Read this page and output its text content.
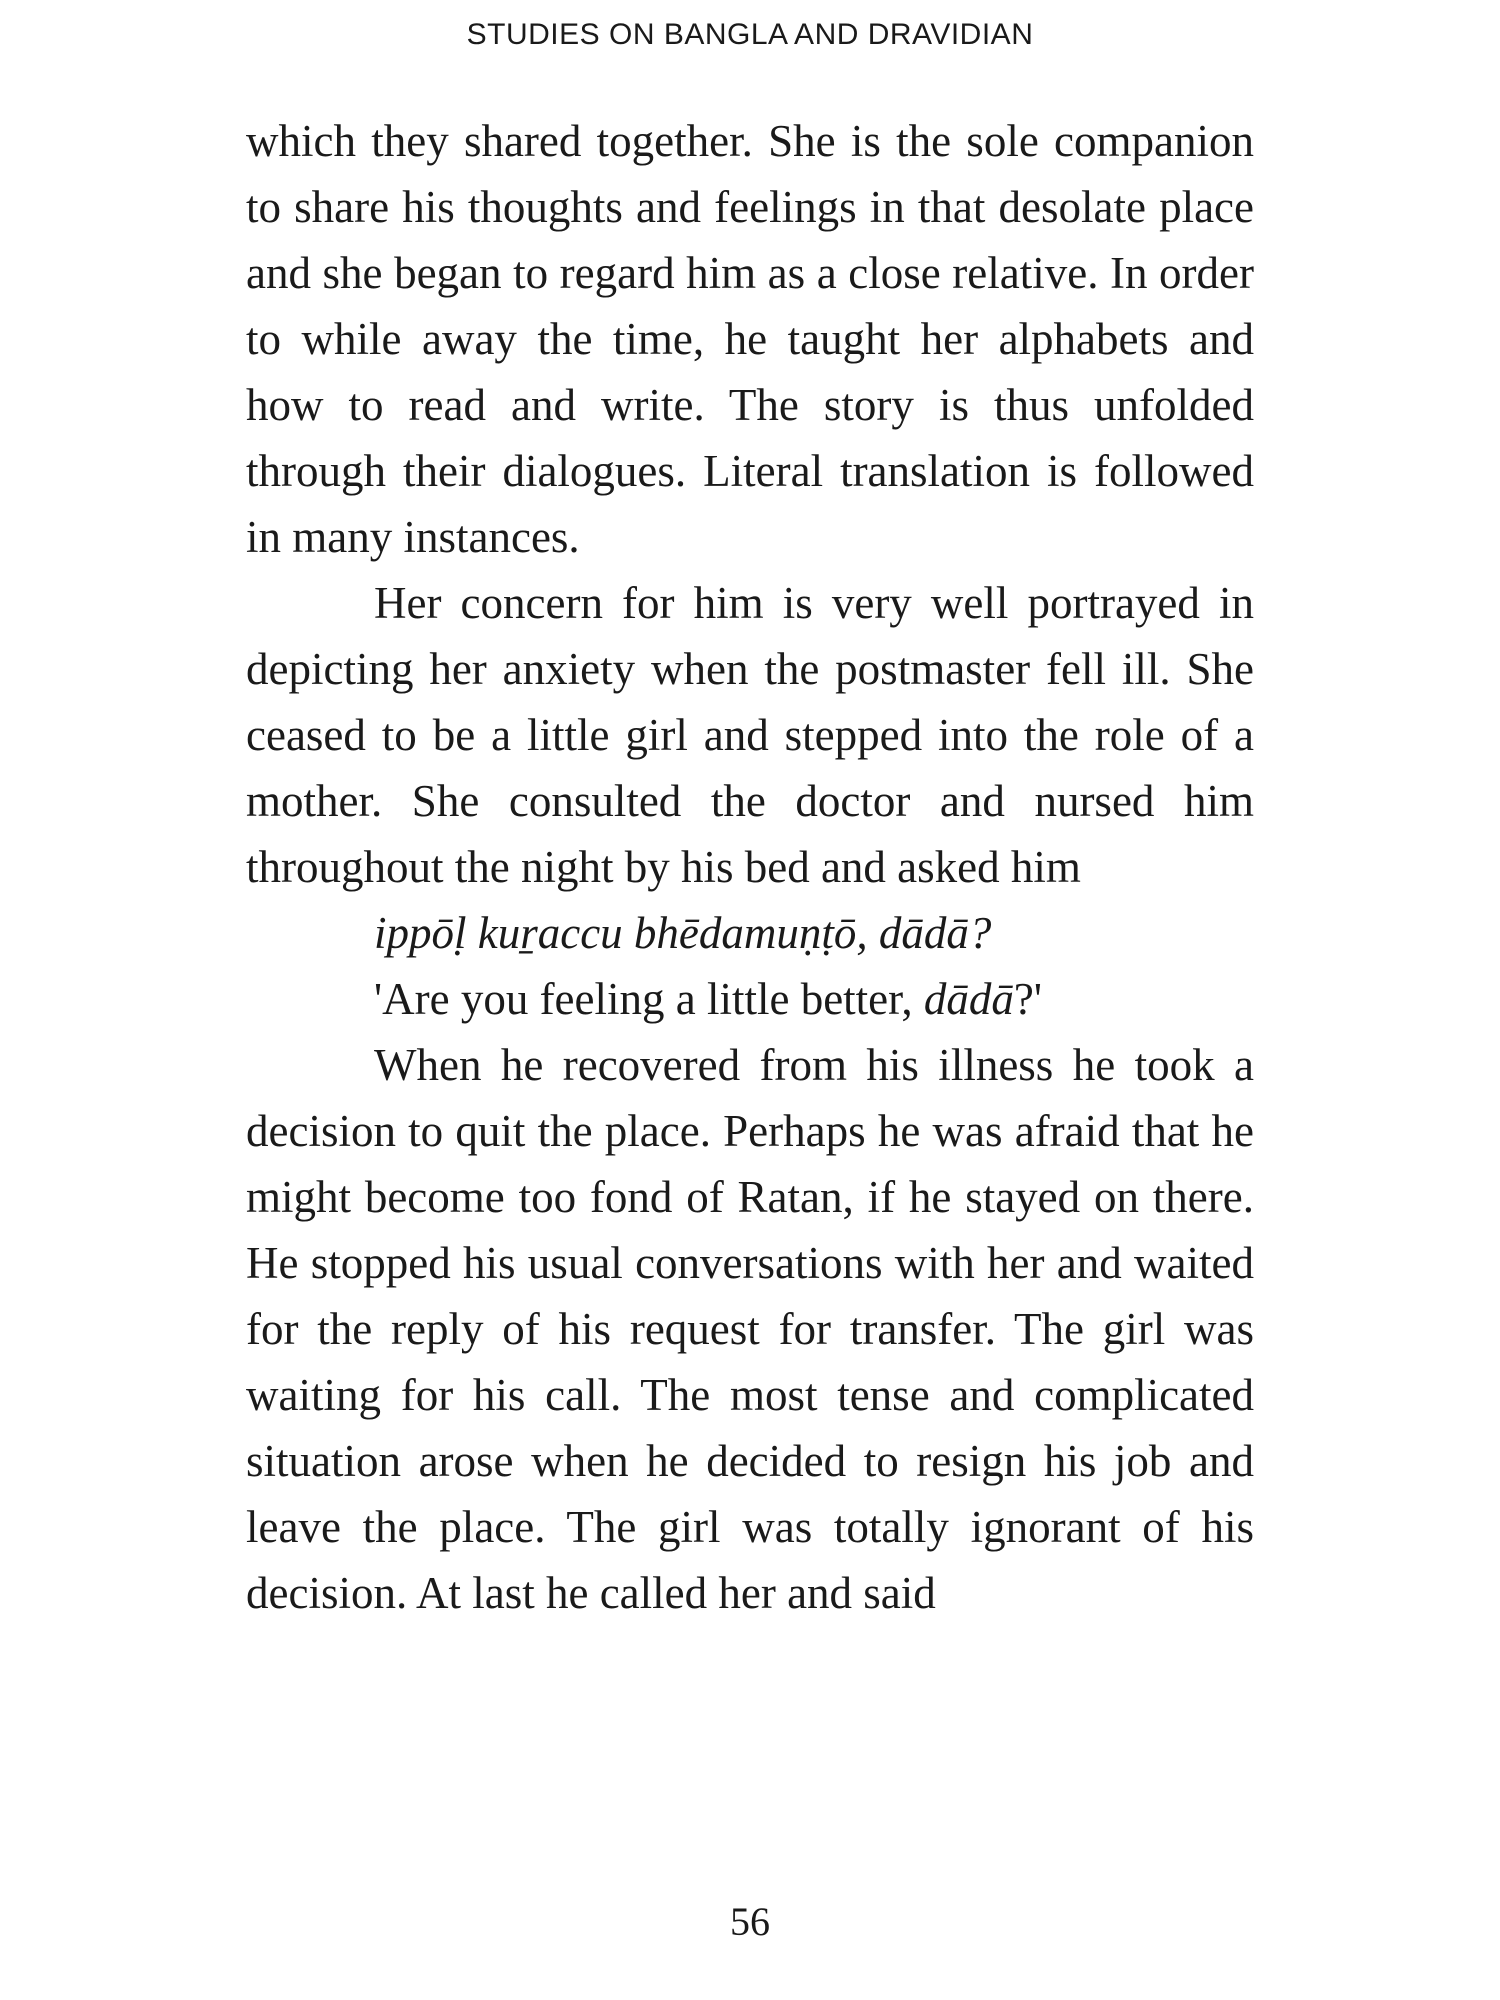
STUDIES ON BANGLA AND DRAVIDIAN

which they shared together. She is the sole companion to share his thoughts and feelings in that desolate place and she began to regard him as a close relative. In order to while away the time, he taught her alphabets and how to read and write. The story is thus unfolded through their dialogues. Literal translation is followed in many instances.

Her concern for him is very well portrayed in depicting her anxiety when the postmaster fell ill. She ceased to be a little girl and stepped into the role of a mother. She consulted the doctor and nursed him throughout the night by his bed and asked him

ippōḷ kuṟaccu bhēdamuṇṭō, dādā?

'Are you feeling a little better, dādā?'

When he recovered from his illness he took a decision to quit the place. Perhaps he was afraid that he might become too fond of Ratan, if he stayed on there. He stopped his usual conversations with her and waited for the reply of his request for transfer. The girl was waiting for his call. The most tense and complicated situation arose when he decided to resign his job and leave the place. The girl was totally ignorant of his decision. At last he called her and said

56
